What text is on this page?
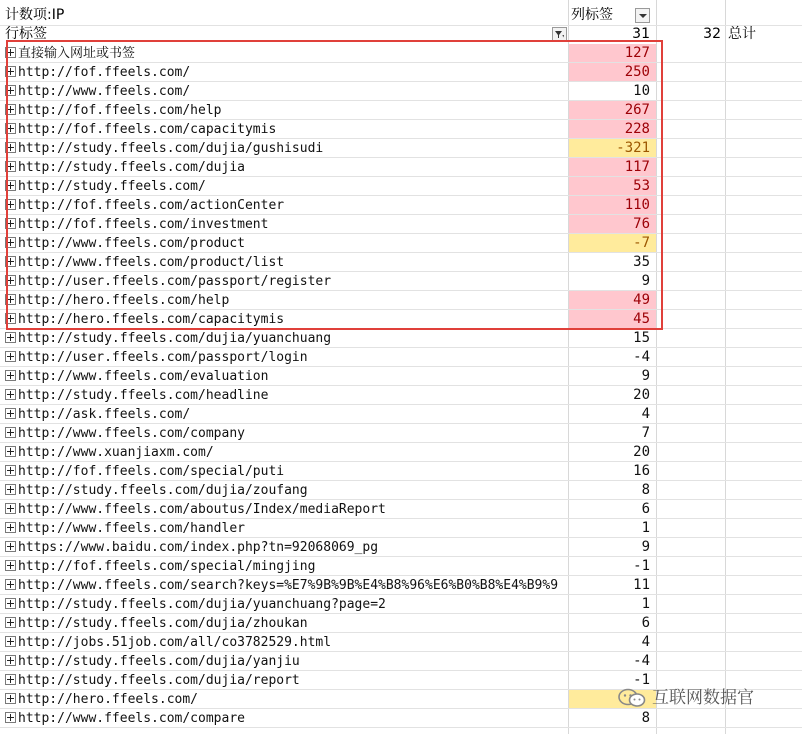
计数项:IP	列标签
行标签	31	32 总计
直接输入网址或书签	127
http://fof.ffeels.com/	250
http://www.ffeels.com/	10
http://fof.ffeels.com/help	267
http://fof.ffeels.com/capacitymis	228
http://study.ffeels.com/dujia/gushisudi	-321
http://study.ffeels.com/dujia	117
http://study.ffeels.com/	53
http://fof.ffeels.com/actionCenter	110
http://fof.ffeels.com/investment	76
http://www.ffeels.com/product	-7
http://www.ffeels.com/product/list	35
http://user.ffeels.com/passport/register	9
http://hero.ffeels.com/help	49
http://hero.ffeels.com/capacitymis	45
http://study.ffeels.com/dujia/yuanchuang	15
http://user.ffeels.com/passport/login	-4
http://www.ffeels.com/evaluation	9
http://study.ffeels.com/headline	20
http://ask.ffeels.com/	4
http://www.ffeels.com/company	7
http://www.xuanjiaxm.com/	20
http://fof.ffeels.com/special/puti	16
http://study.ffeels.com/dujia/zoufang	8
http://www.ffeels.com/aboutus/Index/mediaReport	6
http://www.ffeels.com/handler	1
https://www.baidu.com/index.php?tn=92068069_pg	9
http://fof.ffeels.com/special/mingjing	-1
http://www.ffeels.com/search?keys=%E7%9B%9B%E4%B8%96%E6%B0%B8%E4%B9%9	11
http://study.ffeels.com/dujia/yuanchuang?page=2	1
http://study.ffeels.com/dujia/zhoukan	6
http://jobs.51job.com/all/co3782529.html	4
http://study.ffeels.com/dujia/yanjiu	-4
http://study.ffeels.com/dujia/report	-1
http://hero.ffeels.com/
http://www.ffeels.com/compare	8
互联网数据官
